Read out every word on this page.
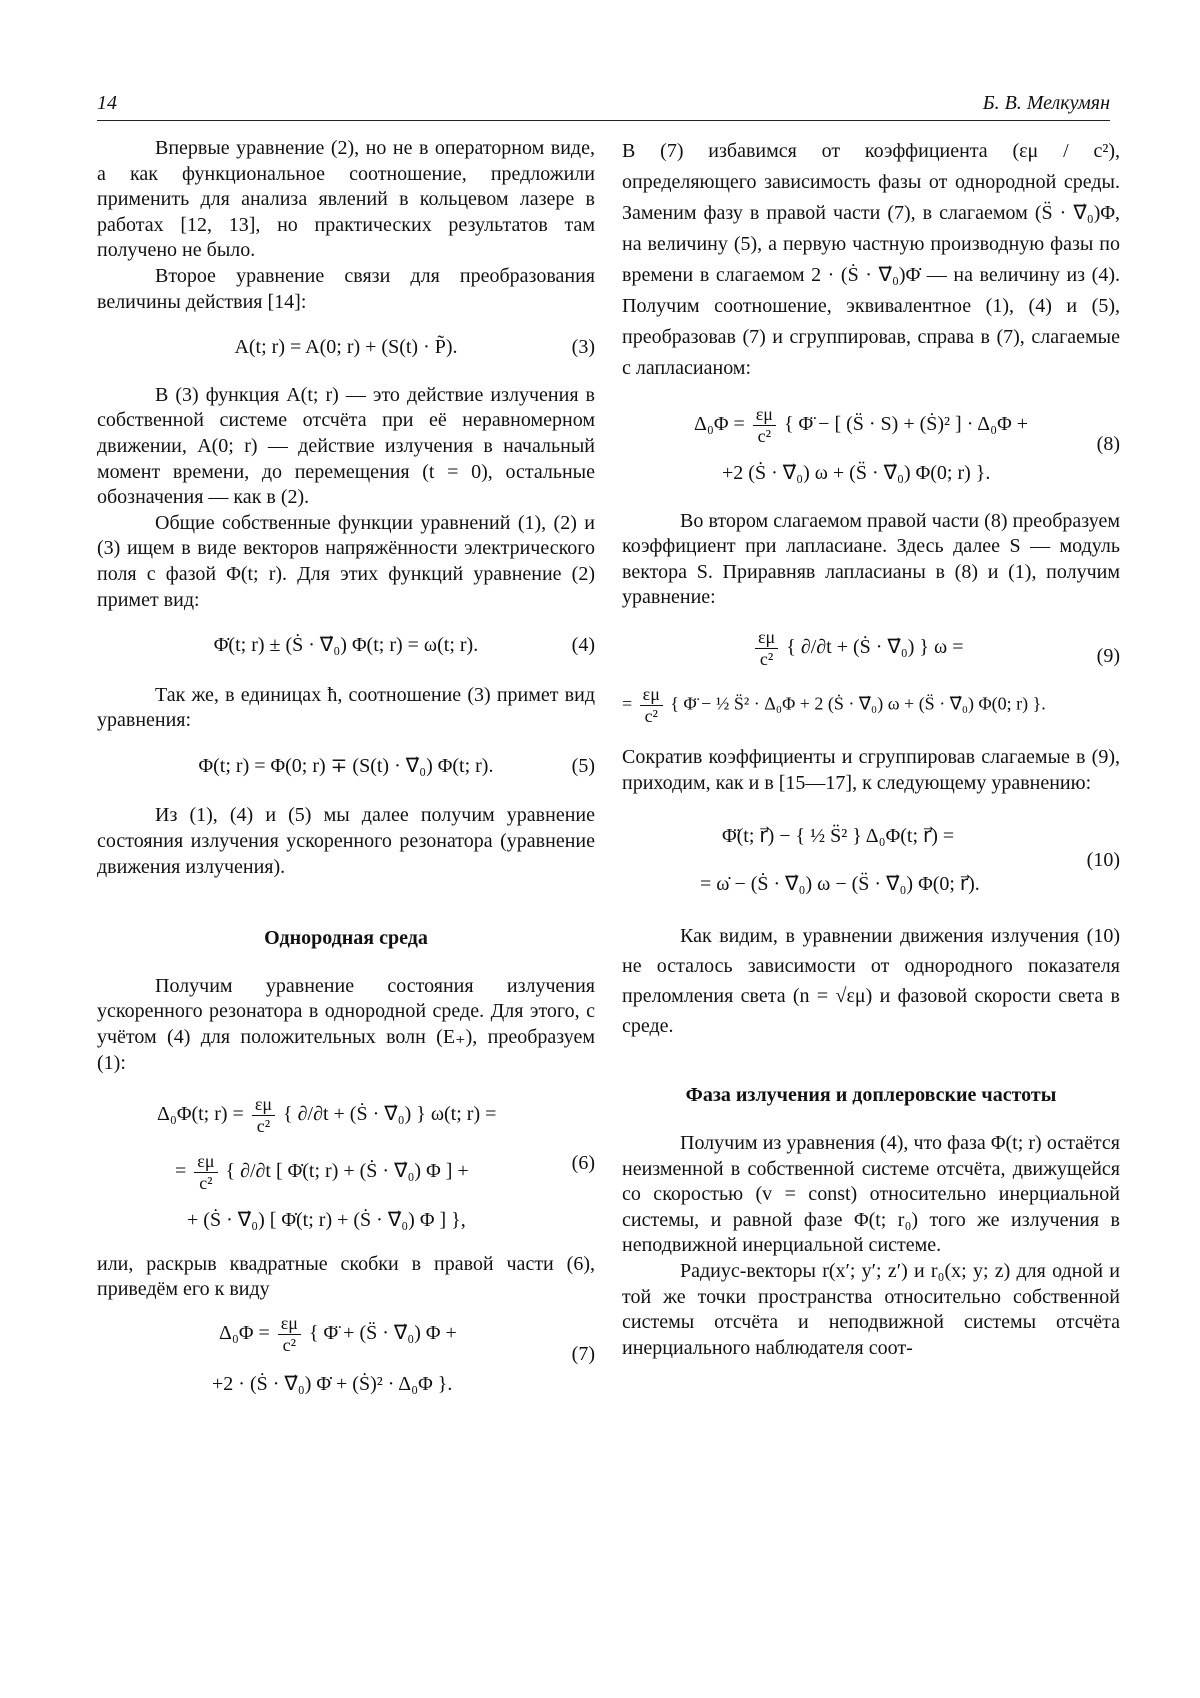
14	Б. В. Мелкумян

Впервые уравнение (2), но не в операторном виде, а как функциональное соотношение, предложили применить для анализа явлений в кольцевом лазере в работах [12, 13], но практических результатов там получено не было.

Второе уравнение связи для преобразования величины действия [14]:

A(t; r) = A(0; r) + (S(t) · P̃).	(3)

В (3) функция A(t; r) — это действие излучения в собственной системе отсчёта при её неравномерном движении, A(0; r) — действие излучения в начальный момент времени, до перемещения (t = 0), остальные обозначения — как в (2).

Общие собственные функции уравнений (1), (2) и (3) ищем в виде векторов напряжённости электрического поля с фазой Φ(t; r). Для этих функций уравнение (2) примет вид:

Φ̇(t; r) ± (Ṡ · ∇⃗₀) Φ(t; r) = ω(t; r).	(4)

Так же, в единицах ħ, соотношение (3) примет вид уравнения:

Φ(t; r) = Φ(0; r) ∓ (S(t) · ∇⃗₀) Φ(t; r).	(5)

Из (1), (4) и (5) мы далее получим уравнение состояния излучения ускоренного резонатора (уравнение движения излучения).

Однородная среда

Получим уравнение состояния излучения ускоренного резонатора в однородной среде. Для этого, с учётом (4) для положительных волн (E₊), преобразуем (1):

Δ₀Φ(t; $r) = \frac{\varepsilon\mu}{\text{c²}}$ { ∂/∂t + (Ṡ · ∇⃗₀) } ω(t; r) =
= $\frac{\varepsilon\mu}{\text{c²}}$ { ∂/∂t [ Φ̇(t; r) + (Ṡ · ∇⃗₀) Φ ] +
+ (Ṡ · ∇⃗₀) [ Φ̇(t; r) + (Ṡ · ∇⃗₀) Φ ] },
(6)

или, раскрыв квадратные скобки в правой части (6), приведём его к виду

$\Delta_0\Phi = \frac{\varepsilon\mu}{\text{c²}}$ { Φ̈ + (S̈ · ∇⃗₀) Φ +
+2 · (Ṡ · ∇⃗₀) Φ̇ + (Ṡ)² · Δ₀Φ }.
(7)

В (7) избавимся от коэффициента (εμ / c²), определяющего зависимость фазы от однородной среды. Заменим фазу в правой части (7), в слагаемом (S̈ · ∇⃗₀)Φ, на величину (5), а первую частную производную фазы по времени в слагаемом 2 · (Ṡ · ∇⃗₀)Φ̇ — на величину из (4). Получим соотношение, эквивалентное (1), (4) и (5), преобразовав (7) и сгруппировав, справа в (7), слагаемые с лапласианом:

$\Delta_0\Phi = \frac{\varepsilon\mu}{\text{c²}}$ { Φ̈ − [ (S̈ · S) + (Ṡ)² ] · Δ₀Φ +
+2 (Ṡ · ∇⃗₀) ω + (S̈ · ∇⃗₀) Φ(0; r) }.
(8)

Во втором слагаемом правой части (8) преобразуем коэффициент при лапласиане. Здесь далее S — модуль вектора S. Приравняв лапласианы в (8) и (1), получим уравнение:

$\frac{\varepsilon\mu}{\text{c²}}$ { ∂/∂t + (Ṡ · ∇⃗₀) } ω =
= $\frac{\varepsilon\mu}{\text{c²}}$ { Φ̈ − ½ S̈² · Δ₀Φ + 2 (Ṡ · ∇⃗₀) ω + (S̈ · ∇⃗₀) Φ(0; r) }.
(9)

Сократив коэффициенты и сгруппировав слагаемые в (9), приходим, как и в [15—17], к следующему уравнению:

Φ̈(t; r⃗) − { ½ S̈² } Δ₀Φ(t; r⃗) =
= ω̇ − (Ṡ · ∇⃗₀) ω − (S̈ · ∇⃗₀) Φ(0; r⃗).
(10)

Как видим, в уравнении движения излучения (10) не осталось зависимости от однородного показателя преломления света (n = √εμ) и фазовой скорости света в среде.

Фаза излучения и доплеровские частоты

Получим из уравнения (4), что фаза Φ(t; r) остаётся неизменной в собственной системе отсчёта, движущейся со скоростью (v = const) относительно инерциальной системы, и равной фазе Φ(t; r₀) того же излучения в неподвижной инерциальной системе.

Радиус-векторы r(x′; y′; z′) и r₀(x; y; z) для одной и той же точки пространства относительно собственной системы отсчёта и неподвижной системы отсчёта инерциального наблюдателя соот-
